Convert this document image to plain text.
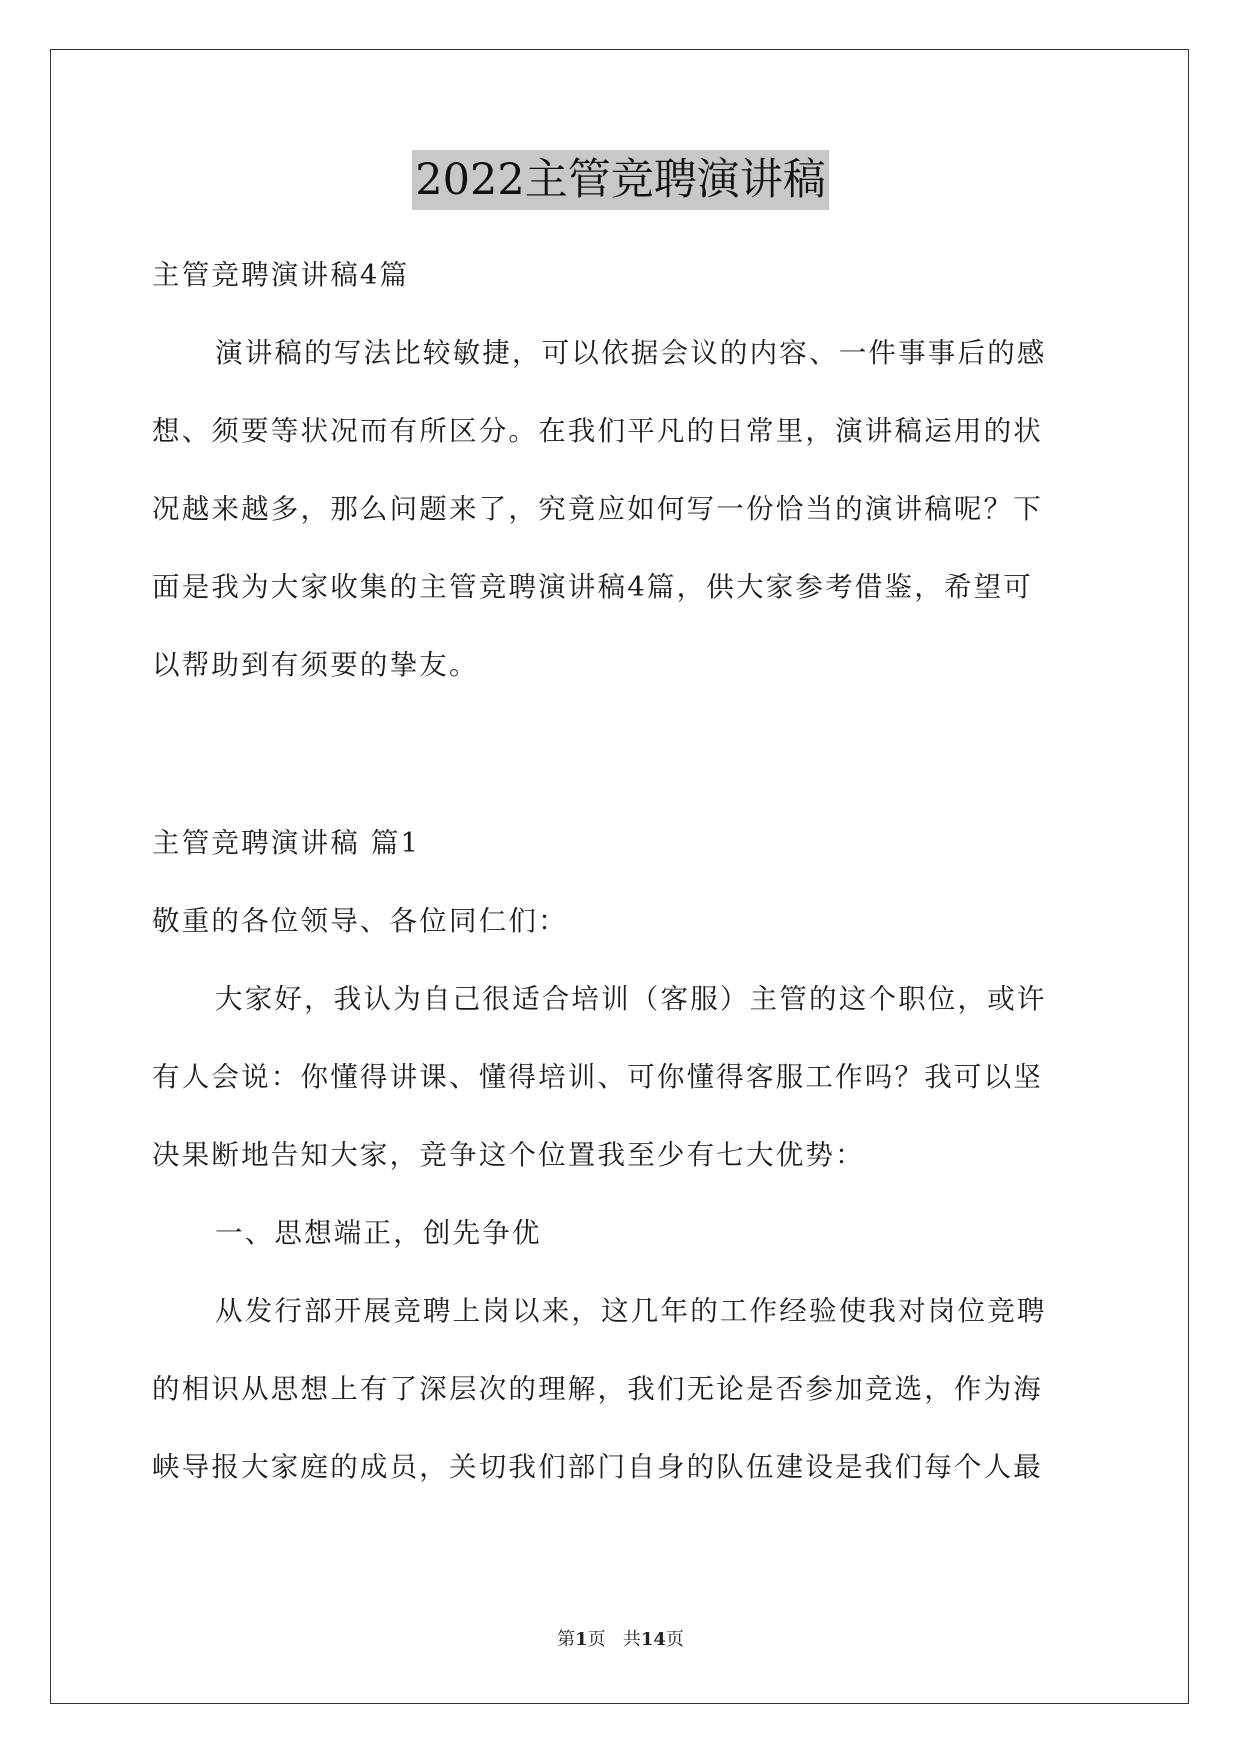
2022主管竞聘演讲稿
主管竞聘演讲稿4篇
演讲稿的写法比较敏捷，可以依据会议的内容、一件事事后的感
想、须要等状况而有所区分。在我们平凡的日常里，演讲稿运用的状
况越来越多，那么问题来了，究竟应如何写一份恰当的演讲稿呢？下
面是我为大家收集的主管竞聘演讲稿4篇，供大家参考借鉴，希望可
以帮助到有须要的挚友。
主管竞聘演讲稿 篇1
敬重的各位领导、各位同仁们：
大家好，我认为自己很适合培训（客服）主管的这个职位，或许
有人会说：你懂得讲课、懂得培训、可你懂得客服工作吗？我可以坚
决果断地告知大家，竞争这个位置我至少有七大优势：
一、思想端正，创先争优
从发行部开展竞聘上岗以来，这几年的工作经验使我对岗位竞聘
的相识从思想上有了深层次的理解，我们无论是否参加竞选，作为海
峡导报大家庭的成员，关切我们部门自身的队伍建设是我们每个人最
第1页 共14页
